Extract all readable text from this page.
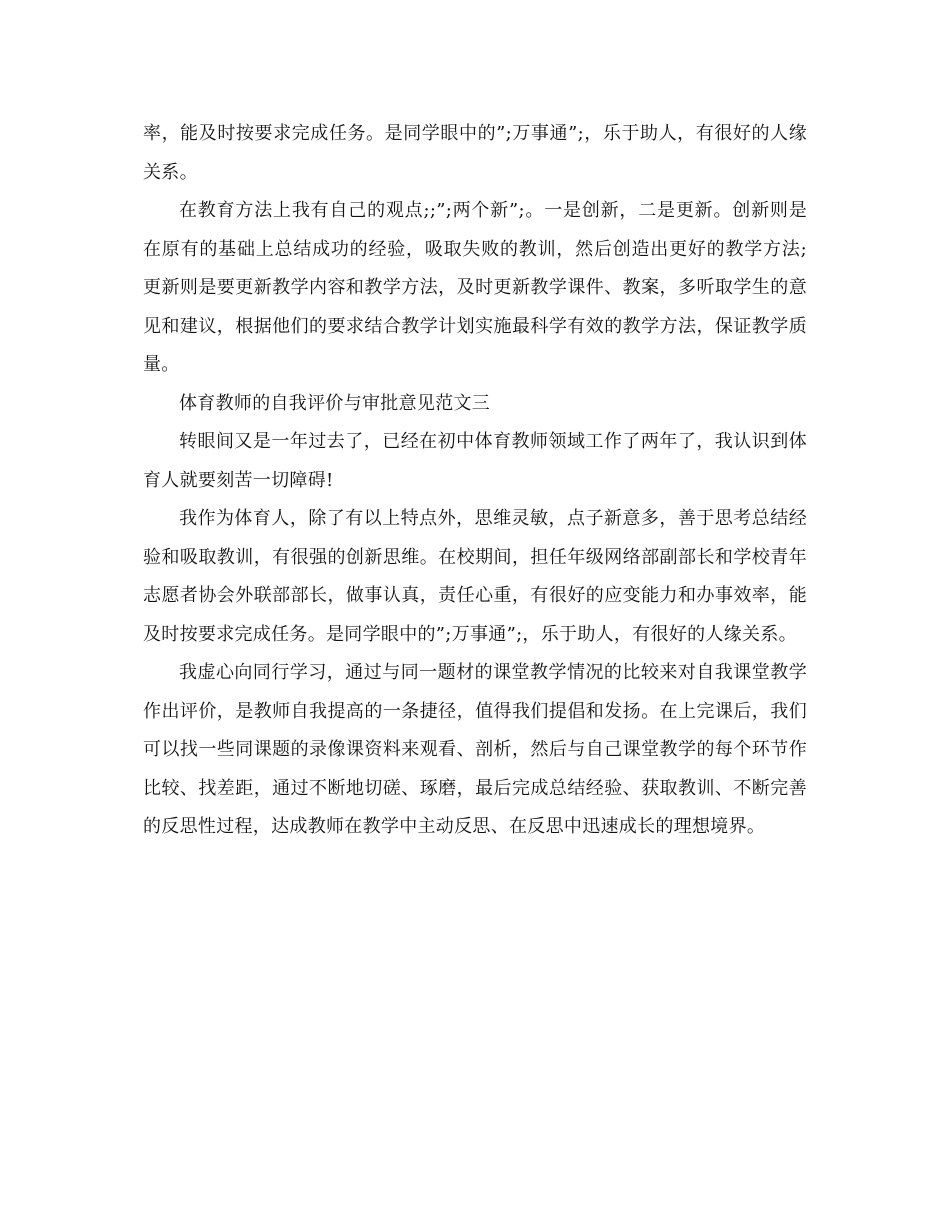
率，能及时按要求完成任务。是同学眼中的”;万事通”;，乐于助人，有很好的人缘关系。

在教育方法上我有自己的观点;;”;两个新”;。一是创新，二是更新。创新则是在原有的基础上总结成功的经验，吸取失败的教训，然后创造出更好的教学方法;更新则是要更新教学内容和教学方法，及时更新教学课件、教案，多听取学生的意见和建议，根据他们的要求结合教学计划实施最科学有效的教学方法，保证教学质量。

体育教师的自我评价与审批意见范文三

转眼间又是一年过去了，已经在初中体育教师领域工作了两年了，我认识到体育人就要刻苦一切障碍!

我作为体育人，除了有以上特点外，思维灵敏，点子新意多，善于思考总结经验和吸取教训，有很强的创新思维。在校期间，担任年级网络部副部长和学校青年志愿者协会外联部部长，做事认真，责任心重，有很好的应变能力和办事效率，能及时按要求完成任务。是同学眼中的”;万事通”;，乐于助人，有很好的人缘关系。

我虚心向同行学习，通过与同一题材的课堂教学情况的比较来对自我课堂教学作出评价，是教师自我提高的一条捷径，值得我们提倡和发扬。在上完课后，我们可以找一些同课题的录像课资料来观看、剖析，然后与自己课堂教学的每个环节作比较、找差距，通过不断地切磋、琢磨，最后完成总结经验、获取教训、不断完善的反思性过程，达成教师在教学中主动反思、在反思中迅速成长的理想境界。
